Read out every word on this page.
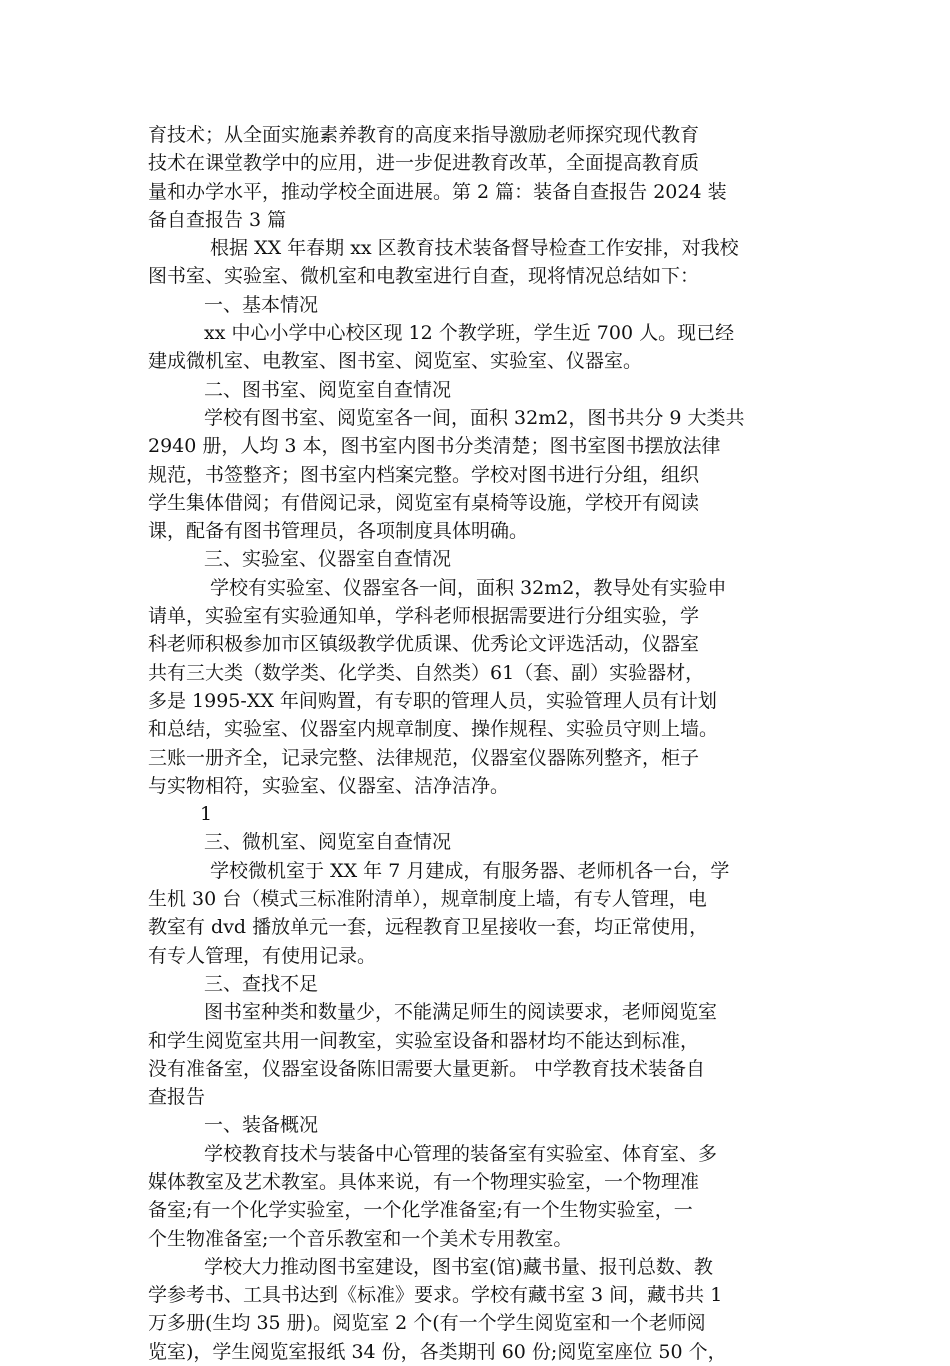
育技术；从全面实施素养教育的高度来指导激励老师探究现代教育
技术在课堂教学中的应用，进一步促进教育改革，全面提高教育质
量和办学水平，推动学校全面进展。第 2 篇：装备自查报告 2024 装
备自查报告 3 篇
根据 XX 年春期 xx 区教育技术装备督导检查工作安排，对我校
图书室、实验室、微机室和电教室进行自查，现将情况总结如下：
一、基本情况
xx 中心小学中心校区现 12 个教学班，学生近 700 人。现已经
建成微机室、电教室、图书室、阅览室、实验室、仪器室。
二、图书室、阅览室自查情况
学校有图书室、阅览室各一间，面积 32m2，图书共分 9 大类共
2940 册，人均 3 本，图书室内图书分类清楚；图书室图书摆放法律
规范，书签整齐；图书室内档案完整。学校对图书进行分组，组织
学生集体借阅；有借阅记录，阅览室有桌椅等设施，学校开有阅读
课，配备有图书管理员，各项制度具体明确。
三、实验室、仪器室自查情况
学校有实验室、仪器室各一间，面积 32m2，教导处有实验申
请单，实验室有实验通知单，学科老师根据需要进行分组实验，学
科老师积极参加市区镇级教学优质课、优秀论文评选活动，仪器室
共有三大类（数学类、化学类、自然类）61（套、副）实验器材，
多是 1995-XX 年间购置，有专职的管理人员，实验管理人员有计划
和总结，实验室、仪器室内规章制度、操作规程、实验员守则上墙。
三账一册齐全，记录完整、法律规范，仪器室仪器陈列整齐，柜子
与实物相符，实验室、仪器室、洁净洁净。
1
三、微机室、阅览室自查情况
学校微机室于 XX 年 7 月建成，有服务器、老师机各一台，学
生机 30 台（模式三标准附清单），规章制度上墙，有专人管理，电
教室有 dvd 播放单元一套，远程教育卫星接收一套，均正常使用，
有专人管理，有使用记录。
三、查找不足
图书室种类和数量少，不能满足师生的阅读要求，老师阅览室
和学生阅览室共用一间教室，实验室设备和器材均不能达到标准，
没有准备室，仪器室设备陈旧需要大量更新。 中学教育技术装备自
查报告
一、装备概况
学校教育技术与装备中心管理的装备室有实验室、体育室、多
媒体教室及艺术教室。具体来说，有一个物理实验室，一个物理准
备室;有一个化学实验室，一个化学准备室;有一个生物实验室，一
个生物准备室;一个音乐教室和一个美术专用教室。
学校大力推动图书室建设，图书室(馆)藏书量、报刊总数、教
学参考书、工具书达到《标准》要求。学校有藏书室 3 间，藏书共 1
万多册(生均 35 册)。阅览室 2 个(有一个学生阅览室和一个老师阅
览室)，学生阅览室报纸 34 份，各类期刊 60 份;阅览室座位 50 个，
